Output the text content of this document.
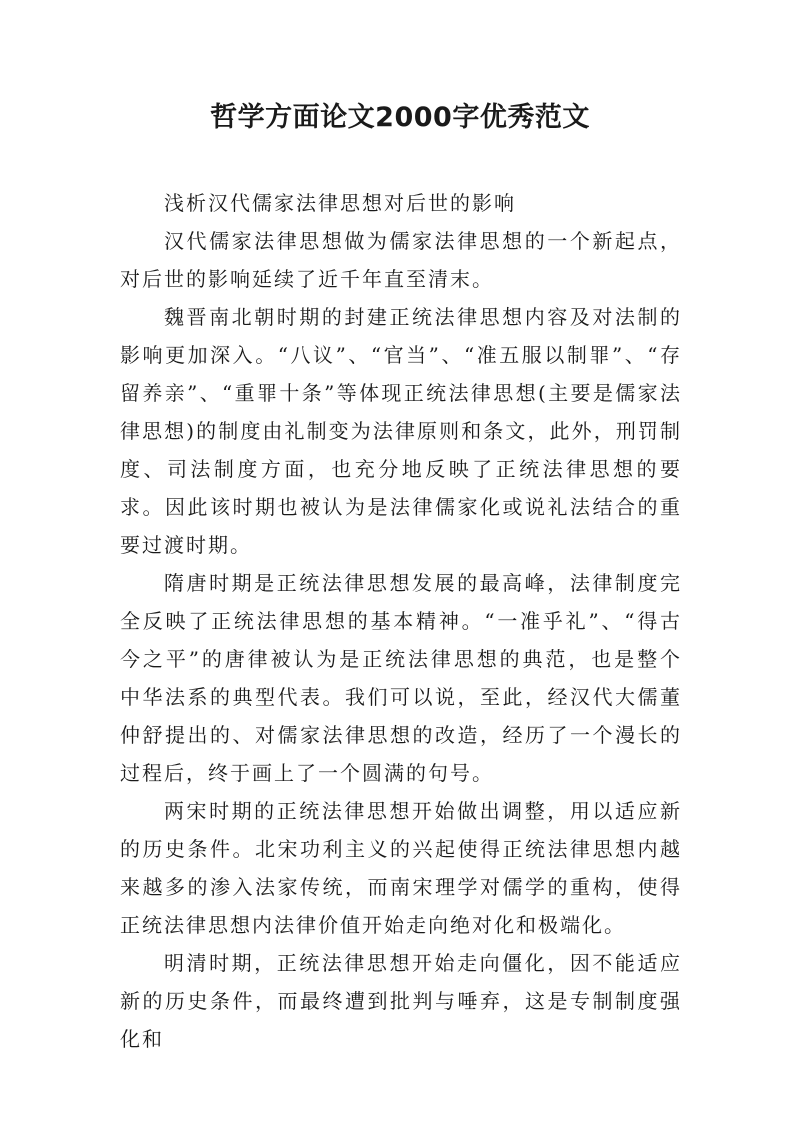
哲学方面论文2000字优秀范文

浅析汉代儒家法律思想对后世的影响

汉代儒家法律思想做为儒家法律思想的一个新起点，对后世的影响延续了近千年直至清末。

魏晋南北朝时期的封建正统法律思想内容及对法制的影响更加深入。“八议”、“官当”、“准五服以制罪”、“存留养亲”、“重罪十条”等体现正统法律思想(主要是儒家法律思想)的制度由礼制变为法律原则和条文，此外，刑罚制度、司法制度方面，也充分地反映了正统法律思想的要求。因此该时期也被认为是法律儒家化或说礼法结合的重要过渡时期。

隋唐时期是正统法律思想发展的最高峰，法律制度完全反映了正统法律思想的基本精神。“一准乎礼”、“得古今之平”的唐律被认为是正统法律思想的典范，也是整个中华法系的典型代表。我们可以说，至此，经汉代大儒董仲舒提出的、对儒家法律思想的改造，经历了一个漫长的过程后，终于画上了一个圆满的句号。

两宋时期的正统法律思想开始做出调整，用以适应新的历史条件。北宋功利主义的兴起使得正统法律思想内越来越多的渗入法家传统，而南宋理学对儒学的重构，使得正统法律思想内法律价值开始走向绝对化和极端化。

明清时期，正统法律思想开始走向僵化，因不能适应新的历史条件，而最终遭到批判与唾弃，这是专制制度强化和
